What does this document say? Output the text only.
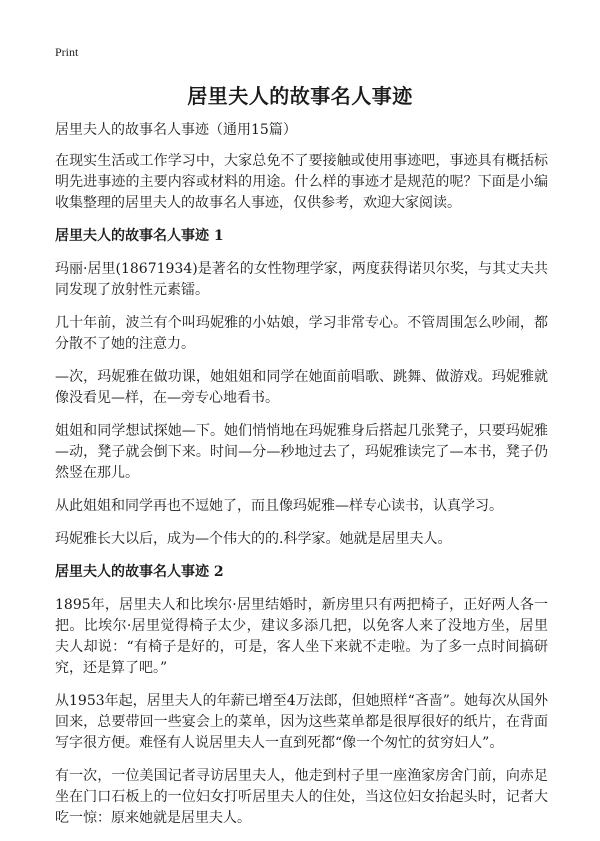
Print
居里夫人的故事名人事迹
居里夫人的故事名人事迹（通用15篇）

在现实生活或工作学习中，大家总免不了要接触或使用事迹吧，事迹具有概括标明先进事迹的主要内容或材料的用途。什么样的事迹才是规范的呢？下面是小编收集整理的居里夫人的故事名人事迹，仅供参考，欢迎大家阅读。

居里夫人的故事名人事迹 1

玛丽·居里(18671934)是著名的女性物理学家，两度获得诺贝尔奖，与其丈夫共同发现了放射性元素镭。

几十年前，波兰有个叫玛妮雅的小姑娘，学习非常专心。不管周围怎么吵闹，都分散不了她的注意力。

—次，玛妮雅在做功课，她姐姐和同学在她面前唱歌、跳舞、做游戏。玛妮雅就像没看见—样，在—旁专心地看书。

姐姐和同学想试探她—下。她们悄悄地在玛妮雅身后搭起几张凳子，只要玛妮雅—动，凳子就会倒下来。时间—分—秒地过去了，玛妮雅读完了—本书，凳子仍然竖在那儿。

从此姐姐和同学再也不逗她了，而且像玛妮雅—样专心读书，认真学习。

玛妮雅长大以后，成为—个伟大的的.科学家。她就是居里夫人。

居里夫人的故事名人事迹 2

1895年，居里夫人和比埃尔·居里结婚时，新房里只有两把椅子，正好两人各一把。比埃尔·居里觉得椅子太少，建议多添几把，以免客人来了没地方坐，居里夫人却说：“有椅子是好的，可是，客人坐下来就不走啦。为了多一点时间搞研究，还是算了吧。”

从1953年起，居里夫人的年薪已增至4万法郎，但她照样“吝啬”。她每次从国外回来，总要带回一些宴会上的菜单，因为这些菜单都是很厚很好的纸片，在背面写字很方便。难怪有人说居里夫人一直到死都“像一个匆忙的贫穷妇人”。

有一次，一位美国记者寻访居里夫人，他走到村子里一座渔家房舍门前，向赤足坐在门口石板上的一位妇女打听居里夫人的住处，当这位妇女抬起头时，记者大吃一惊：原来她就是居里夫人。
